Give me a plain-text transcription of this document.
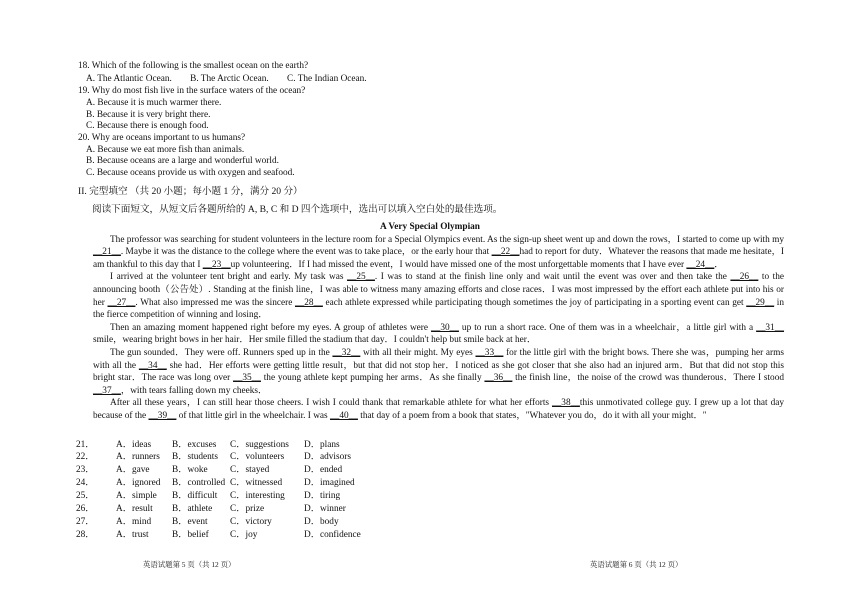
18. Which of the following is the smallest ocean on the earth?
A. The Atlantic Ocean. B. The Arctic Ocean. C. The Indian Ocean.
19. Why do most fish live in the surface waters of the ocean?
A. Because it is much warmer there.
B. Because it is very bright there.
C. Because there is enough food.
20. Why are oceans important to us humans?
A. Because we eat more fish than animals.
B. Because oceans are a large and wonderful world.
C. Because oceans provide us with oxygen and seafood.
II. 完型填空 （共 20 小题；每小题 1 分，满分 20 分）
阅读下面短文，从短文后各题所给的 A, B, C 和 D 四个选项中，选出可以填入空白处的最佳选项。
A Very Special Olympian

The professor was searching for student volunteers in the lecture room for a Special Olympics event. As the sign-up sheet went up and down the rows，I started to come up with my __21__. Maybe it was the distance to the college where the event was to take place，or the early hour that __22__had to report for duty．Whatever the reasons that made me hesitate，I am thankful to this day that I __23__up volunteering．If I had missed the event，I would have missed one of the most unforgettable moments that I have ever __24__．

I arrived at the volunteer tent bright and early. My task was __25__. I was to stand at the finish line only and wait until the event was over and then take the __26__ to the announcing booth（公告处）. Standing at the finish line，I was able to witness many amazing efforts and close races．I was most impressed by the effort each athlete put into his or her __27__. What also impressed me was the sincere __28__ each athlete expressed while participating though sometimes the joy of participating in a sporting event can get __29__ in the fierce competition of winning and losing．

Then an amazing moment happened right before my eyes. A group of athletes were __30__ up to run a short race. One of them was in a wheelchair，a little girl with a __31__ smile，wearing bright bows in her hair．Her smile filled the stadium that day．I couldn't help but smile back at her．

The gun sounded．They were off. Runners sped up in the __32__ with all their might. My eyes __33__ for the little girl with the bright bows. There she was，pumping her arms with all the __34__ she had．Her efforts were getting little result，but that did not stop her．I noticed as she got closer that she also had an injured arm．But that did not stop this bright star．The race was long over __35__ the young athlete kept pumping her arms．As she finally __36__ the finish line，the noise of the crowd was thunderous．There I stood __37__，with tears falling down my cheeks．

After all these years，I can still hear those cheers. I wish I could thank that remarkable athlete for what her efforts __38__this unmotivated college guy. I grew up a lot that day because of the __39__ of that little girl in the wheelchair. I was __40__ that day of a poem from a book that states，"Whatever you do，do it with all your might．"

21． A．ideas B．excuses C．suggestions D．plans
22． A．runners B．students C．volunteers D．advisors
23． A．gave B．woke C．stayed	D．ended
24． A．ignored B．controlled C．witnessed D．imagined
25． A．simple B．difficult C．interesting D．tiring
26． A．result B．athlete C．prize	D．winner
27． A．mind B．event C．victory	D．body
28． A．trust	B．belief C．joy	D．confidence
英语试题第 5 页（共 12 页）	英语试题第 6 页（共 12 页）
